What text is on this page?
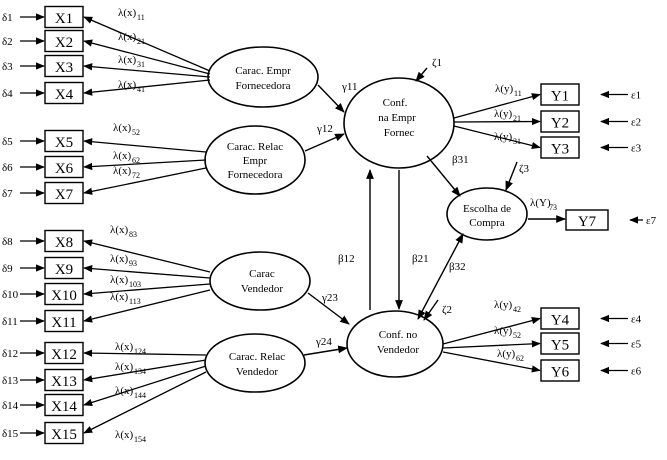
Carac. Empr
Fornecedora
Carac. Relac
Empr
Fornecedora
Carac
Vendedor
Carac. Relac
Vendedor
Conf.
na Empr
Fornec
Conf. no
Vendedor
Escolha de
Compra
γ11
γ12
γ23
γ24
β12	β21
β31
β32
ζ1
ζ3
ζ2
X1
δ1	λ(x) 11
X2
δ2	λ(x) 21
X3
δ3
λ(x) 31
X4
δ4
λ(x) 41
X5
δ5
λ(x) 52
X6
δ6
λ(x) 62
X7
δ7
λ(x) 72
X8
δ8
λ(x) 83
X9
δ9
λ(x) 93
X10
δ10
λ(x) 103
X11
δ11
λ(x) 113
X12
δ12
λ(x) 124
X13
δ13
λ(x) 134
X14
δ14
λ(x) 144
X15
δ15	λ(x) 154
Y1	ε1
λ(y) 11
Y2	ε2
λ(y) 21
Y3	ε3
λ(y) 31
Y4	ε4
λ(y) 42
Y5	ε5
λ(y) 52
Y6	ε6
λ(y) 62
Y7	ε7
λ(Y)
73
